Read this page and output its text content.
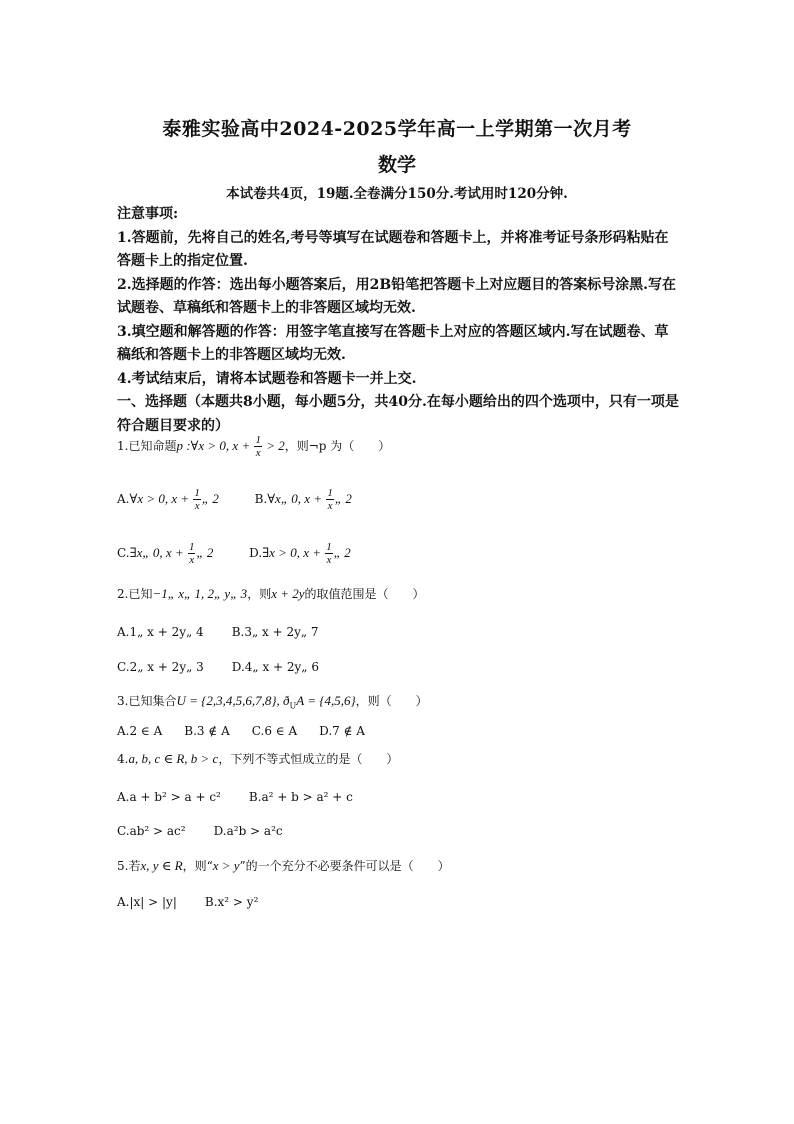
泰雅实验高中2024-2025学年高一上学期第一次月考
数学
本试卷共4页，19题.全卷满分150分.考试用时120分钟.

注意事项:

1.答题前，先将自己的姓名,考号等填写在试题卷和答题卡上，并将准考证号条形码粘贴在答题卡上的指定位置.

2.选择题的作答：选出每小题答案后，用2B铅笔把答题卡上对应题目的答案标号涂黑.写在试题卷、草稿纸和答题卡上的非答题区域均无效.

3.填空题和解答题的作答：用签字笔直接写在答题卡上对应的答题区域内.写在试题卷、草稿纸和答题卡上的非答题区域均无效.

4.考试结束后，请将本试题卷和答题卡一并上交.

一、选择题（本题共8小题，每小题5分，共40分.在每小题给出的四个选项中，只有一项是符合题目要求的）

1.已知命题p :∀x > 0, $x + \frac{1}{x} > 2$，则¬p 为（　　）
A.∀x > 0, $x + \frac{1}{x}$ „ 2	B.∀x„ 0, $x + \frac{1}{x}$ „ 2
C.∃x„ 0, $x + \frac{1}{x}$ „ 2	D.∃x > 0, $x + \frac{1}{x}$ „ 2
2.已知−1„ x„ 1, 2„ y„ 3，则x + 2y的取值范围是（　　）
A.1„ x + 2y„ 4 B.3„ x + 2y„ 7
C.2„ x + 2y„ 3 D.4„ x + 2y„ 6
3.已知集合U = {2,3,4,5,6,7,8}, $ð_UA = \{4,5,6\}$，则（　　）
A.2 ∈ A B.3 ∉ A C.6 ∈ A D.7 ∉ A
4.a, b, c ∈ R, b > c，下列不等式恒成立的是（　　）
A.a + b² > a + c² B.a² + b > a² + c
C.ab² > ac² D.a²b > a²c
5.若x, y ∈ R，则“x > y”的一个充分不必要条件可以是（　　）
A.|x| > |y| B.x² > y²
